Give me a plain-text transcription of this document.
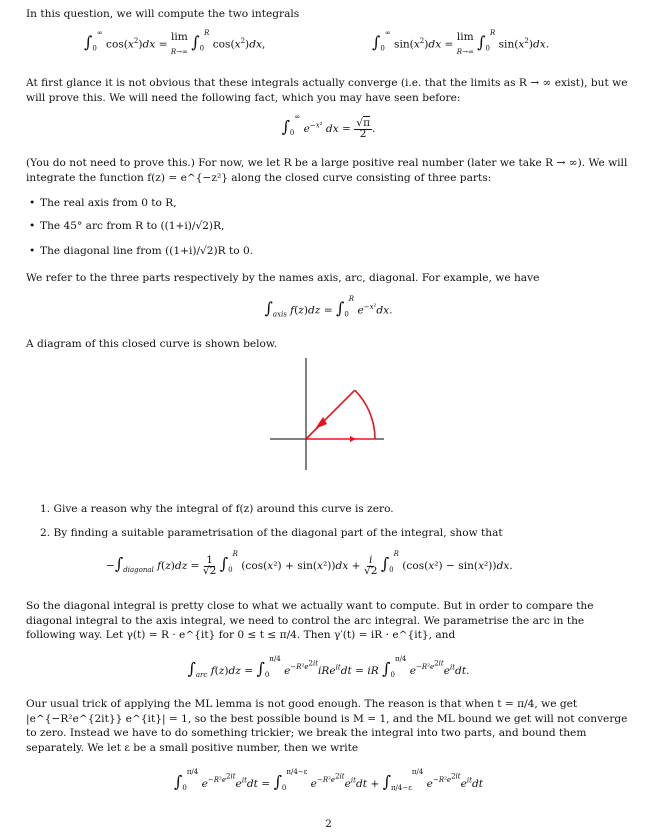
In this question, we will compute the two integrals
$\int_0^\infty$ $\cos(x^2)dx = \lim$
R→∞ $\int_0^R$ $\cos(x^2)dx$,	$\int_0^\infty$ $\sin(x^2)dx = \lim$
R→∞ $\int_0^R$ $\sin(x^2)dx$.
At first glance it is not obvious that these integrals actually converge (i.e. that the limits as R → ∞ exist), but we will prove this. We will need the following fact, which you may have seen before:
$\int_0^\infty$ $e^{-x^2}$ dx = √π
2 .
(You do not need to prove this.) For now, we let R be a large positive real number (later we take R → ∞). We will integrate the function f(z) = e^{−z²} along the closed curve consisting of three parts:
• The real axis from 0 to R,
• The 45° arc from R to ((1+i)/√2)R,
• The diagonal line from ((1+i)/√2)R to 0.
We refer to the three parts respectively by the names axis, arc, diagonal. For example, we have
$\int_{axis}$ $f(z)dz = \int_0^R$ $e^{-x^2}dx$.
A diagram of this closed curve is shown below.
1. Give a reason why the integral of f(z) around this curve is zero.
2. By finding a suitable parametrisation of the diagonal part of the integral, show that
$-\int_{diagonal}$ f(z)dz = 1
√2 $\int_0^R$ (cos(x²) + sin(x²))dx + i
√2 $\int_0^R$ (cos(x²) − sin(x²))dx.
So the diagonal integral is pretty close to what we actually want to compute. But in order to compare the diagonal integral to the axis integral, we need to control the arc integral. We parametrise the arc in the following way. Let γ(t) = R · e^{it} for 0 ≤ t ≤ π/4. Then γ′(t) = iR · e^{it}, and
$\int_{arc}$ $f(z)dz = \int_0^{\pi/4}$ $e^{-R^2e^{2it}}iRe^{it}dt$ = iR $\int_0^{\pi/4}$ $e^{-R^2e^{2it}}e^{it}dt$.
Our usual trick of applying the ML lemma is not good enough. The reason is that when t = π/4, we get |e^{−R²e^{2it}} e^{it}| = 1, so the best possible bound is M = 1, and the ML bound we get will not converge to zero. Instead we have to do something trickier; we break the integral into two parts, and bound them separately. We let ε be a small positive number, then we write
$\int_0^{\pi/4}$ $e^{-R^2e^{2it}}e^{it}dt = \int_0^{\pi/4-\varepsilon}$ $e^{-R^2e^{2it}}e^{it}dt + \int_{\pi/4-\varepsilon}^{\pi/4}$ $e^{-R^2e^{2it}}e^{it}dt$
2
